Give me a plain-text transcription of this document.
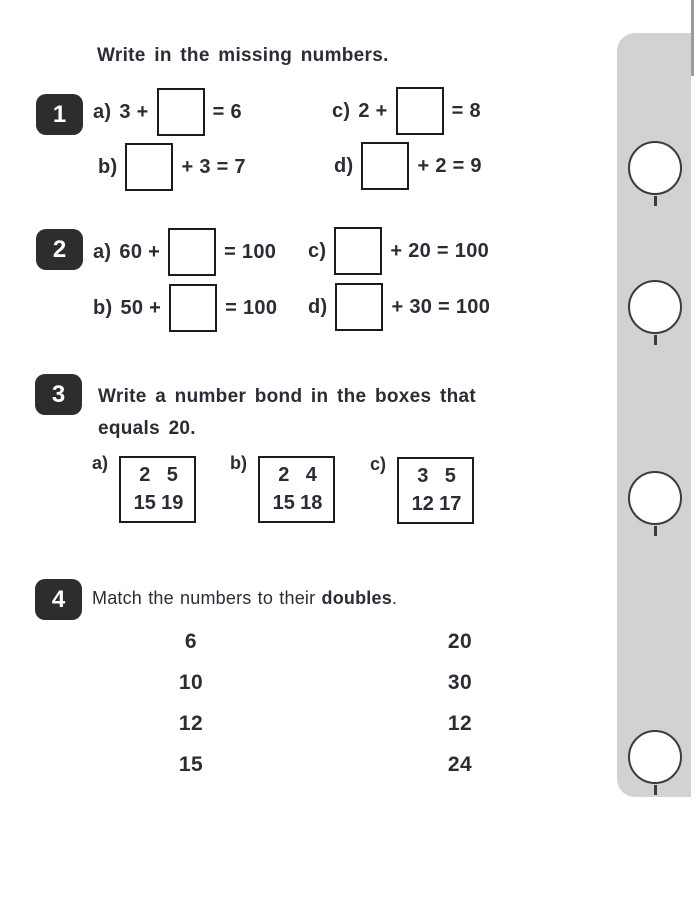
1
Write in the missing numbers.
a) 3 +	= 6	c) 2 +	= 8
b)	+ 3 = 7	d)	+ 2 = 9
2 a) 60 +	= 100 c)	+ 20 = 100
b) 50 +	= 100 d)	+ 30 = 100
3 Write a number bond in the boxes that
equals 20.
a)
2 5
15 19
b)
2 4
15 18
c)
3 5
12 17
4 Match the numbers to their doubles.
6
10
12
15
20
30
12
24
